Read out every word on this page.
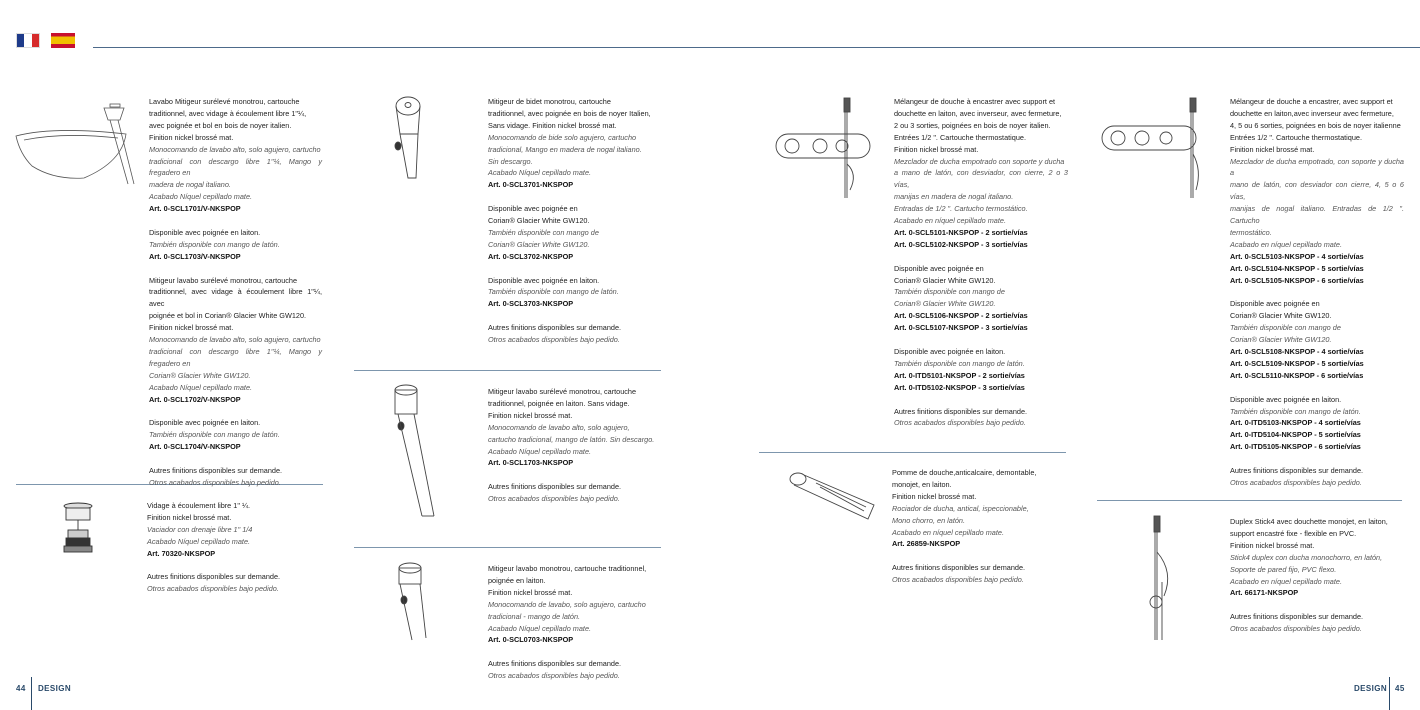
Lavabo Mitigeur surélevé monotrou, cartouche

traditionnel, avec vidage à écoulement libre 1"¼,

avec poignée et bol en bois de noyer italien.

Finition nickel brossé mat.

Monocomando de lavabo alto, solo agujero, cartucho

tradicional con descargo libre 1"¼, Mango y fregadero en

madera de nogal italiano.

Acabado Níquel cepillado mate.

Art. 0-SCL1701/V-NKSPOP

Disponible avec poignée en laiton.

También disponible con mango de latón.

Art. 0-SCL1703/V-NKSPOP

Mitigeur lavabo surélevé monotrou, cartouche

traditionnel, avec vidage à écoulement libre 1"¼, avec

poignée et bol in Corian® Glacier White GW120.

Finition nickel brossé mat.

Monocomando de lavabo alto, solo agujero, cartucho

tradicional con descargo libre 1"¼, Mango y fregadero en

Corian® Glacier White GW120.

Acabado Níquel cepillado mate.

Art. 0-SCL1702/V-NKSPOP

Disponible avec poignée en laiton.

También disponible con mango de latón.

Art. 0-SCL1704/V-NKSPOP

Autres finitions disponibles sur demande.

Otros acabados disponibles bajo pedido.

Vidage à écoulement libre 1" ¼.

Finition nickel brossé mat.

Vaciador con drenaje libre 1" 1/4

Acabado Níquel cepillado mate.

Art. 70320-NKSPOP

Autres finitions disponibles sur demande.

Otros acabados disponibles bajo pedido.

Mitigeur de bidet monotrou, cartouche

traditionnel, avec poignée en bois de noyer Italien,

Sans vidage. Finition nickel brossé mat.

Monocomando de bide solo agujero, cartucho

tradicional, Mango en madera de nogal italiano.

Sin descargo.

Acabado Níquel cepillado mate.

Art. 0-SCL3701-NKSPOP

Disponible avec poignée en

Corian® Glacier White GW120.

También disponible con mango de

Corian® Glacier White GW120.

Art. 0-SCL3702-NKSPOP

Disponible avec poignée en laiton.

También disponible con mango de latón.

Art. 0-SCL3703-NKSPOP

Autres finitions disponibles sur demande.

Otros acabados disponibles bajo pedido.

Mitigeur lavabo surélevé monotrou, cartouche

traditionnel, poignée en laiton. Sans vidage.

Finition nickel brossé mat.

Monocomando de lavabo alto, solo agujero,

cartucho tradicional, mango de latón. Sin descargo.

Acabado Níquel cepillado mate.

Art. 0-SCL1703-NKSPOP

Autres finitions disponibles sur demande.

Otros acabados disponibles bajo pedido.

Mitigeur lavabo monotrou, cartouche traditionnel,

poignée en laiton.

Finition nickel brossé mat.

Monocomando de lavabo, solo agujero, cartucho

tradicional - mango de latón.

Acabado Níquel cepillado mate.

Art. 0-SCL0703-NKSPOP

Autres finitions disponibles sur demande.

Otros acabados disponibles bajo pedido.

Mélangeur de douche à encastrer avec support et

douchette en laiton, avec inverseur, avec fermeture,

2 ou 3 sorties, poignées en bois de noyer italien.

Entrées 1/2 ". Cartouche thermostatique.

Finition nickel brossé mat.

Mezclador de ducha empotrado con soporte y ducha

a mano de latón, con desviador, con cierre, 2 o 3 vías,

manijas en madera de nogal italiano.

Entradas de 1/2 ". Cartucho termostático.

Acabado en níquel cepillado mate.

Art. 0-SCL5101-NKSPOP - 2 sortie/vías

Art. 0-SCL5102-NKSPOP - 3 sortie/vías

Disponible avec poignée en

Corian® Glacier White GW120.

También disponible con mango de

Corian® Glacier White GW120.

Art. 0-SCL5106-NKSPOP - 2 sortie/vías

Art. 0-SCL5107-NKSPOP - 3 sortie/vías

Disponible avec poignée en laiton.

También disponible con mango de latón.

Art. 0-ITD5101-NKSPOP - 2 sortie/vías

Art. 0-ITD5102-NKSPOP - 3 sortie/vías

Autres finitions disponibles sur demande.

Otros acabados disponibles bajo pedido.

Pomme de douche,anticalcaire, demontable,

monojet, en laiton.

Finition nickel brossé mat.

Rociador de ducha, antical, ispeccionable,

Mono chorro, en latón.

Acabado en níquel cepillado mate.

Art. 26859-NKSPOP

Autres finitions disponibles sur demande.

Otros acabados disponibles bajo pedido.

Mélangeur de douche a encastrer, avec support et

douchette en laiton,avec inverseur avec fermeture,

4, 5 ou 6 sorties, poignées en bois de noyer italienne

Entrées 1/2 ". Cartouche thermostatique.

Finition nickel brossé mat.

Mezclador de ducha empotrado, con soporte y ducha a

mano de latón, con desviador con cierre, 4, 5 o 6 vías,

manijas de nogal italiano. Entradas de 1/2 ". Cartucho

termostático.

Acabado en níquel cepillado mate.

Art. 0-SCL5103-NKSPOP - 4 sortie/vías

Art. 0-SCL5104-NKSPOP - 5 sortie/vías

Art. 0-SCL5105-NKSPOP - 6 sortie/vías

Disponible avec poignée en

Corian® Glacier White GW120.

También disponible con mango de

Corian® Glacier White GW120.

Art. 0-SCL5108-NKSPOP - 4 sortie/vías

Art. 0-SCL5109-NKSPOP - 5 sortie/vías

Art. 0-SCL5110-NKSPOP - 6 sortie/vías

Disponible avec poignée en laiton.

También disponible con mango de latón.

Art. 0-ITD5103-NKSPOP - 4 sortie/vías

Art. 0-ITD5104-NKSPOP - 5 sortie/vías

Art. 0-ITD5105-NKSPOP - 6 sortie/vías

Autres finitions disponibles sur demande.

Otros acabados disponibles bajo pedido.

Duplex Stick4 avec douchette monojet, en laiton,

support encastré fixe - flexible en PVC.

Finition nickel brossé mat.

Stick4 duplex con ducha monochorro, en latón,

Soporte de pared fijo, PVC flexo.

Acabado en níquel cepillado mate.

Art. 66171-NKSPOP

Autres finitions disponibles sur demande.

Otros acabados disponibles bajo pedido.

44 DESIGN	DESIGN 45
